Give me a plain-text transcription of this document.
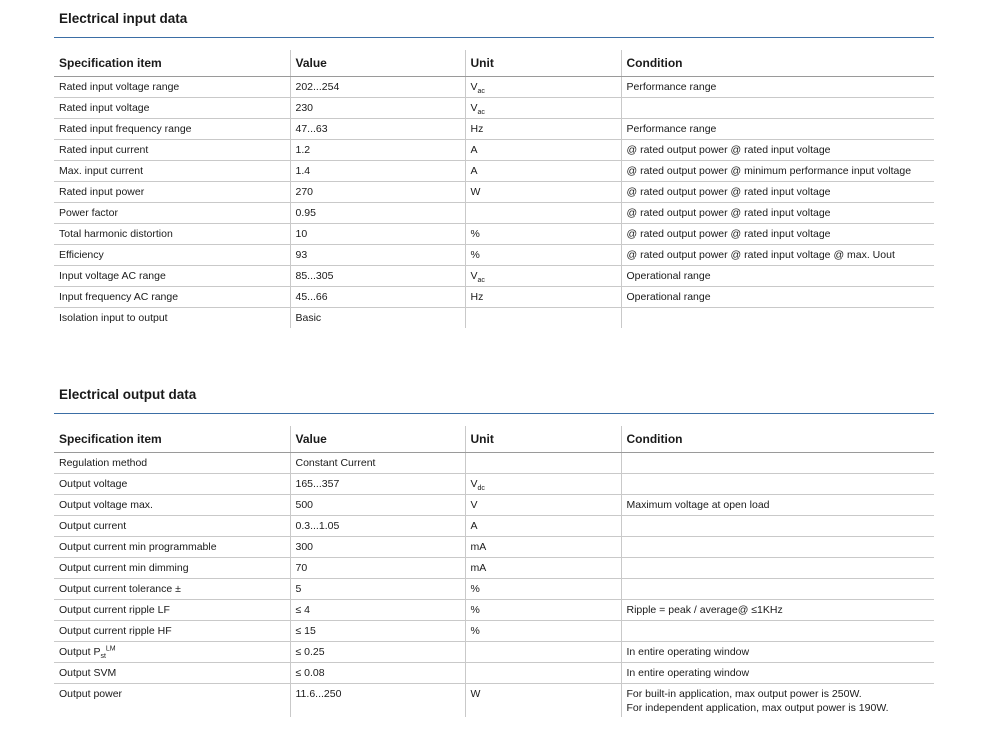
Electrical input data
Specification item	Value	Unit	Condition
Rated input voltage range	202...254	$V_{ac}$	Performance range
Rated input voltage	230	$V_{ac}$	
Rated input frequency range	47...63	Hz	Performance range
Rated input current	1.2	A	@ rated output power @ rated input voltage
Max. input current	1.4	A	@ rated output power @ minimum performance input voltage
Rated input power	270	W	@ rated output power @ rated input voltage
Power factor	0.95		@ rated output power @ rated input voltage
Total harmonic distortion	10	%	@ rated output power @ rated input voltage
Efficiency	93	%	@ rated output power @ rated input voltage @ max. Uout
Input voltage AC range	85...305	$V_{ac}$	Operational range
Input frequency AC range	45...66	Hz	Operational range
Isolation input to output	Basic		
Electrical output data
Specification item	Value	Unit	Condition
Regulation method	Constant Current		
Output voltage	165...357	$V_{dc}$	
Output voltage max.	500	V	Maximum voltage at open load
Output current	0.3...1.05	A	
Output current min programmable	300	mA	
Output current min dimming	70	mA	
Output current tolerance ±	5	%	
Output current ripple LF	≤ 4	%	Ripple = peak / average@ ≤1KHz
Output current ripple HF	≤ 15	%	
Output $P_{st}^{LM}$	≤ 0.25		In entire operating window
Output SVM	≤ 0.08		In entire operating window

Output power	11.6...250	W	For built-in application, max output power is 250W.
For independent application, max output power is 190W.
